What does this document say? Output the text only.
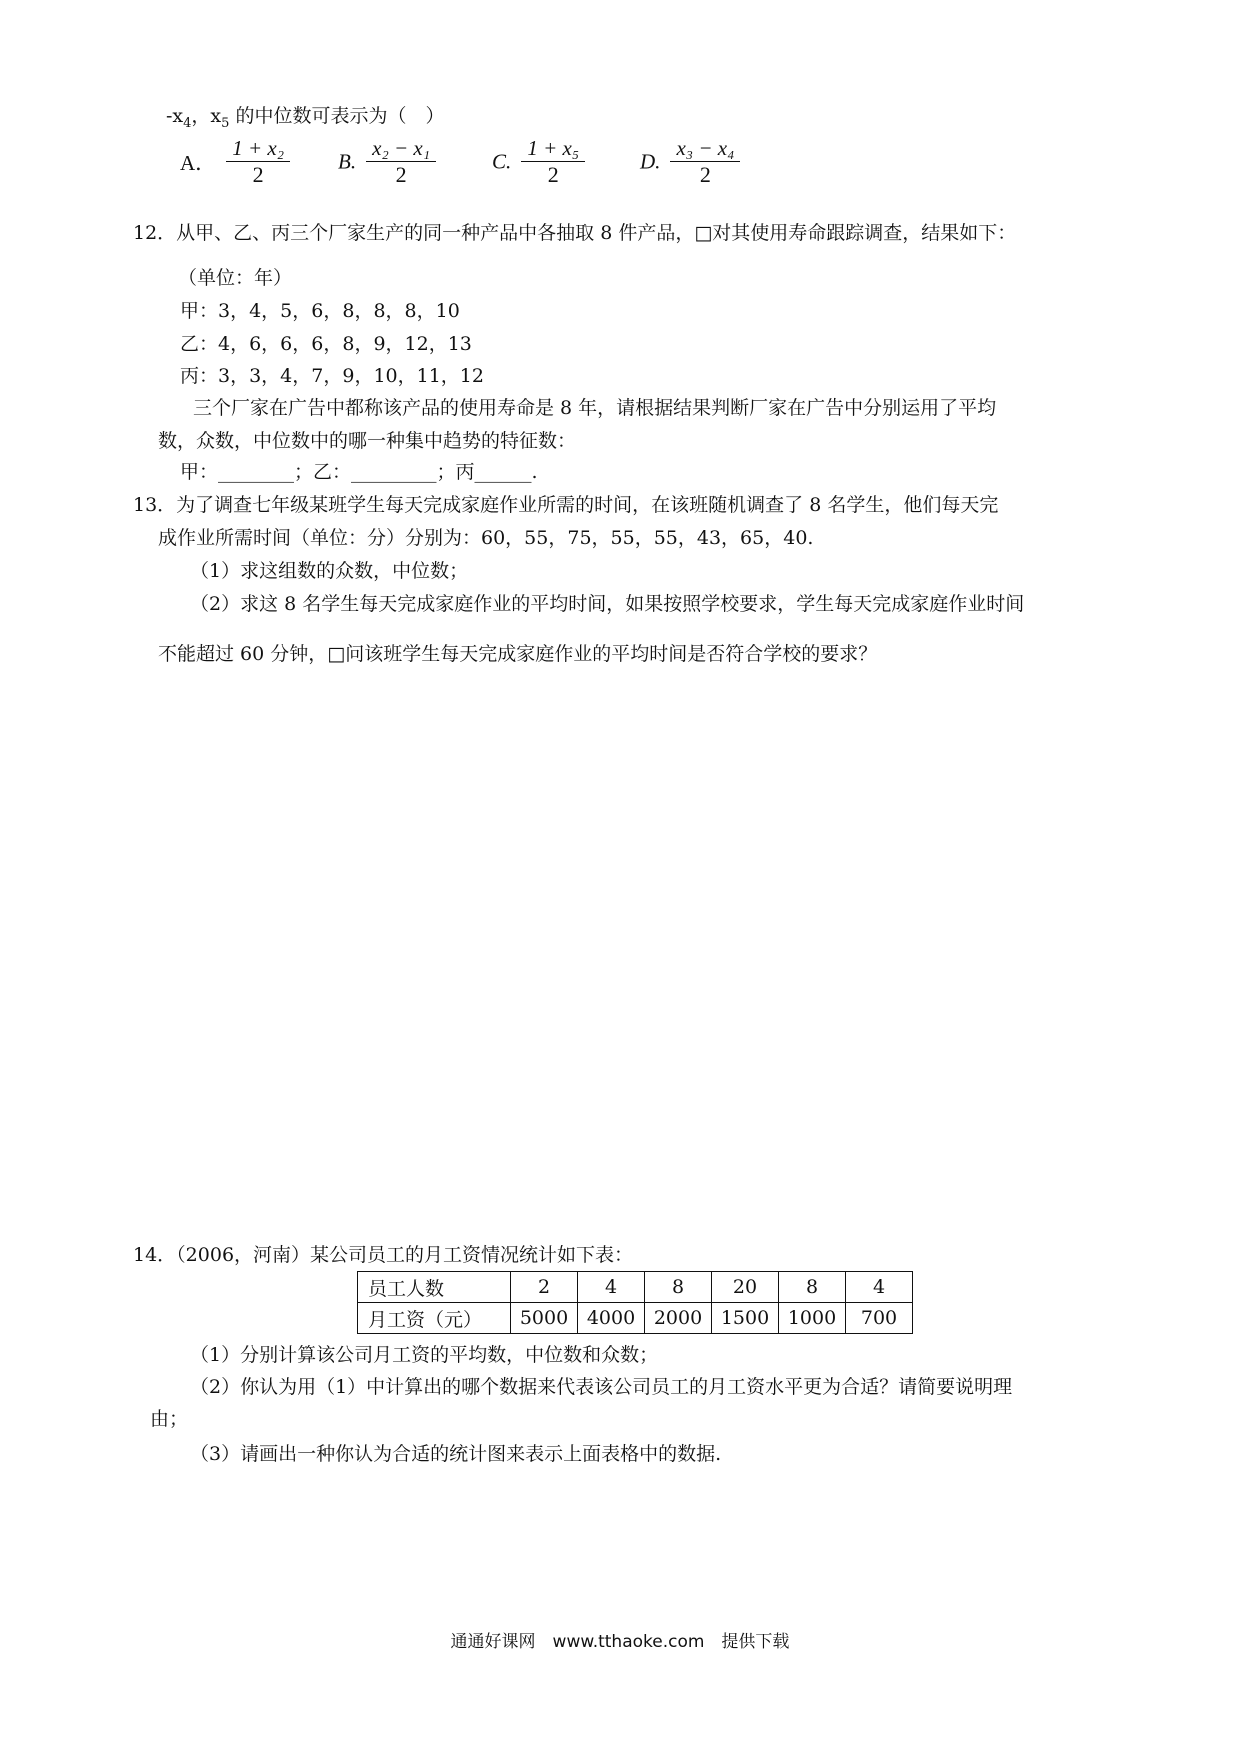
$-x_4$，$x_5$ 的中位数可表示为（　）
A． $\frac{\text{1 + x₂}}{2} B$. $\frac{\text{x₂ − x₁}}{2}$	C. $\frac{\text{1 + x₅}}{2}$	D. $\frac{\text{x₃ − x₄}}{2}$
12．从甲、乙、丙三个厂家生产的同一种产品中各抽取 8 件产品，□对其使用寿命跟踪调查，结果如下：
（单位：年）
甲：3，4，5，6，8，8，8，10
乙：4，6，6，6，8，9，12，13
丙：3，3，4，7，9，10，11，12
三个厂家在广告中都称该产品的使用寿命是 8 年，请根据结果判断厂家在广告中分别运用了平均
数，众数，中位数中的哪一种集中趋势的特征数：
甲：________；乙：_________；丙______.
13．为了调查七年级某班学生每天完成家庭作业所需的时间，在该班随机调查了 8 名学生，他们每天完
成作业所需时间（单位：分）分别为：60，55，75，55，55，43，65，40.
（1）求这组数的众数，中位数；
（2）求这 8 名学生每天完成家庭作业的平均时间，如果按照学校要求，学生每天完成家庭作业时间
不能超过 60 分钟，□问该班学生每天完成家庭作业的平均时间是否符合学校的要求？
14．（2006，河南）某公司员工的月工资情况统计如下表：
员工人数	2	4	8	20	8	4
月工资（元）	5000	4000	2000	1500	1000	700
（1）分别计算该公司月工资的平均数，中位数和众数；
（2）你认为用（1）中计算出的哪个数据来代表该公司员工的月工资水平更为合适？请简要说明理
由；
（3）请画出一种你认为合适的统计图来表示上面表格中的数据.
通通好课网　www.tthaoke.com　提供下载
